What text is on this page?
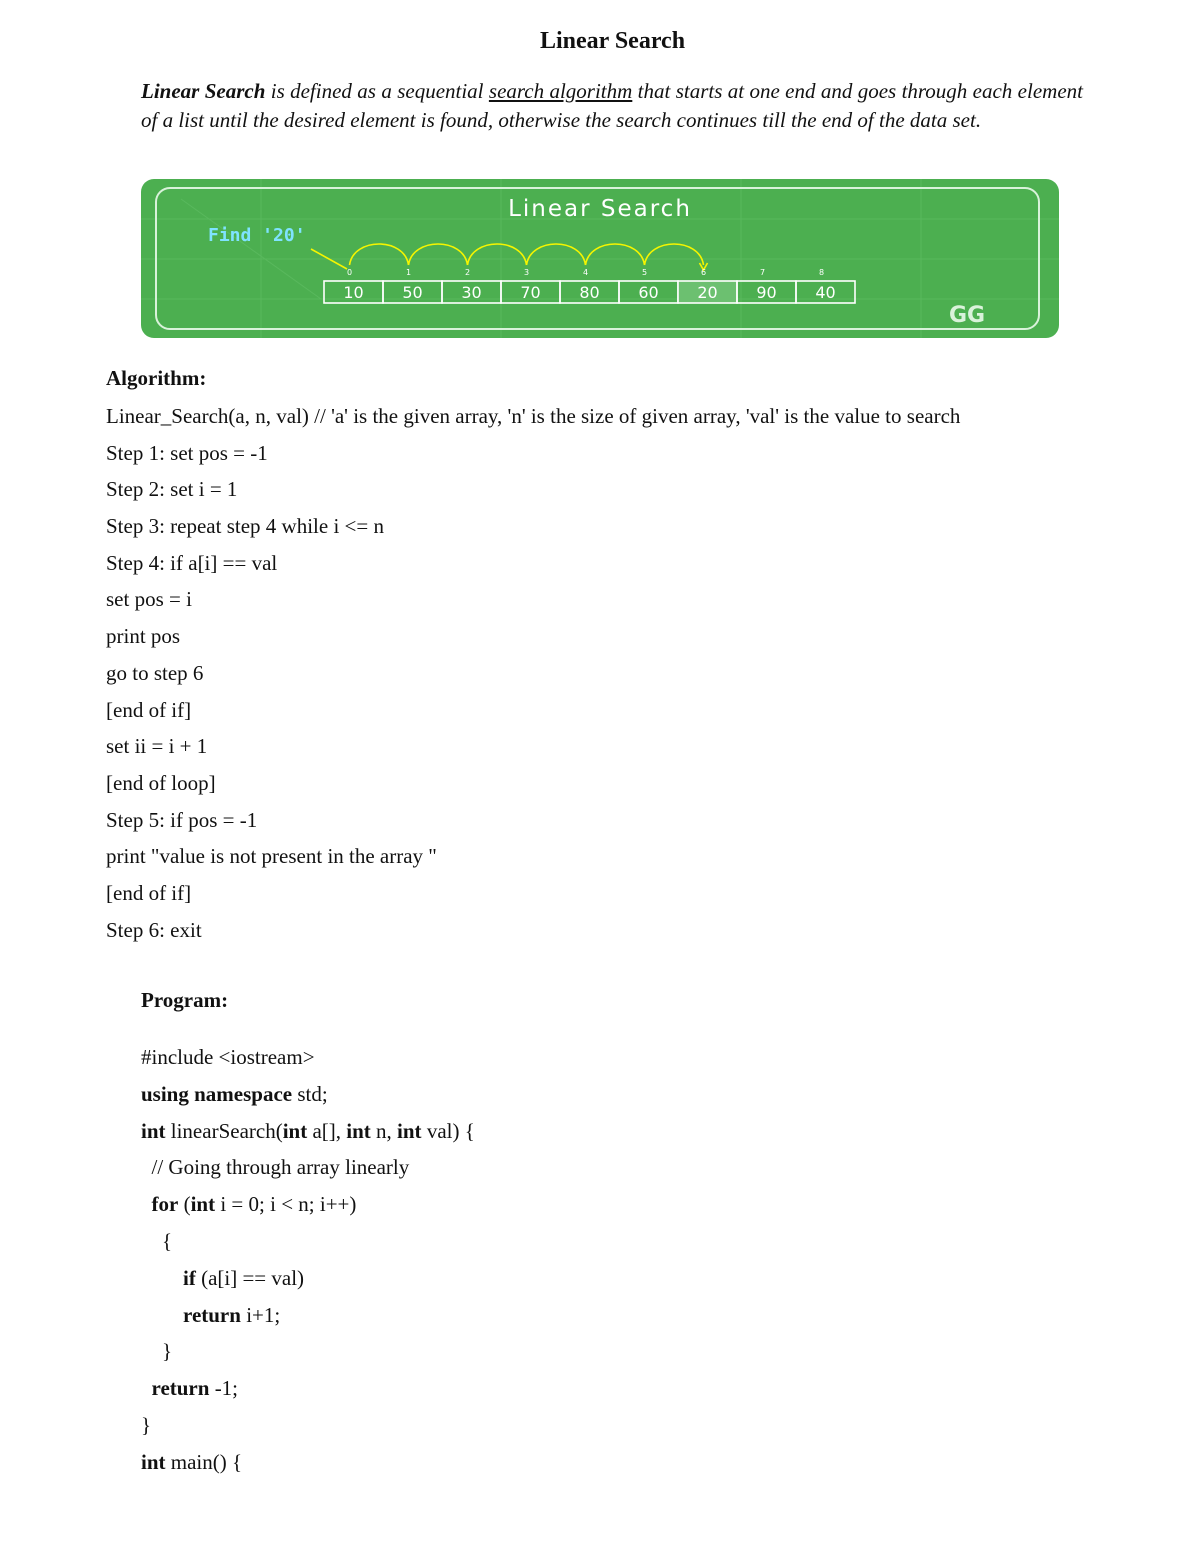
Linear Search

Linear Search is defined as a sequential search algorithm that starts at one end and goes through each element of a list until the desired element is found, otherwise the search continues till the end of the data set.

Linear Search
Find '20'
0	1	2	3	4	5	6	7	8
10 50 30 70 80 60 20 90 40
GG
Algorithm:
Linear_Search(a, n, val) // 'a' is the given array, 'n' is the size of given array, 'val' is the value to search
Step 1: set pos = -1
Step 2: set i = 1
Step 3: repeat step 4 while i <= n
Step 4: if a[i] == val
set pos = i
print pos
go to step 6
[end of if]
set ii = i + 1
[end of loop]
Step 5: if pos = -1
print "value is not present in the array "
[end of if]
Step 6: exit
Program:
#include <iostream>
using namespace std;
int linearSearch(int a[], int n, int val) {
// Going through array linearly
for (int i = 0; i < n; i++)
{
if (a[i] == val)
return i+1;
}
return -1;
}
int main() {
